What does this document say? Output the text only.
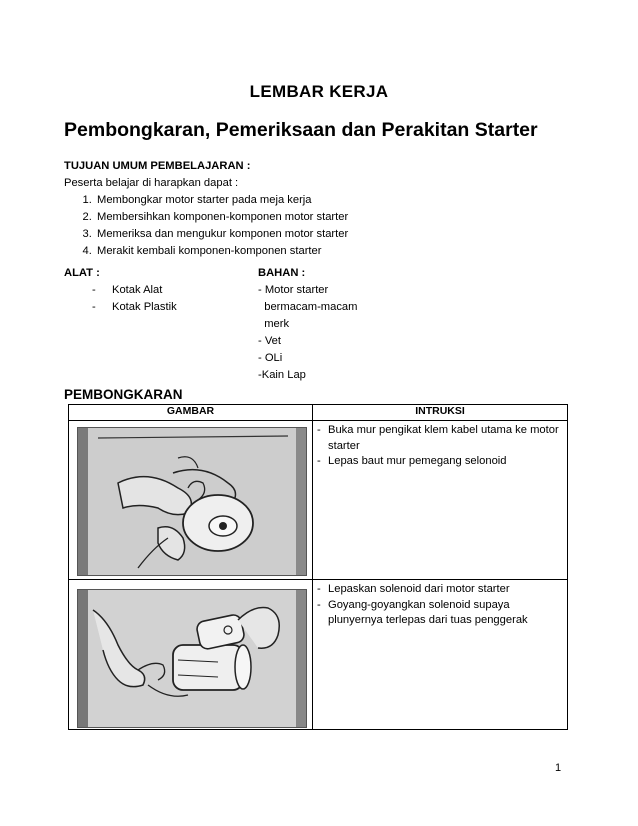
LEMBAR KERJA
Pembongkaran, Pemeriksaan dan Perakitan Starter
TUJUAN UMUM PEMBELAJARAN :
Peserta belajar di harapkan dapat :
1. Membongkar motor starter pada meja kerja
2. Membersihkan komponen-komponen motor starter
3. Memeriksa dan mengukur komponen motor starter
4. Merakit kembali komponen-komponen starter
ALAT :
- Kotak Alat
- Kotak Plastik
BAHAN :
- Motor starter
bermacam-macam
merk
- Vet
- OLi
-Kain Lap
PEMBONGKARAN
GAMBAR	INTRUKSI

- Buka mur pengikat klem kabel utama ke motor starter
- Lepas baut mur pemegang selonoid

- Lepaskan solenoid dari motor starter
- Goyang-goyangkan solenoid supaya plunyernya terlepas dari tuas penggerak
1
